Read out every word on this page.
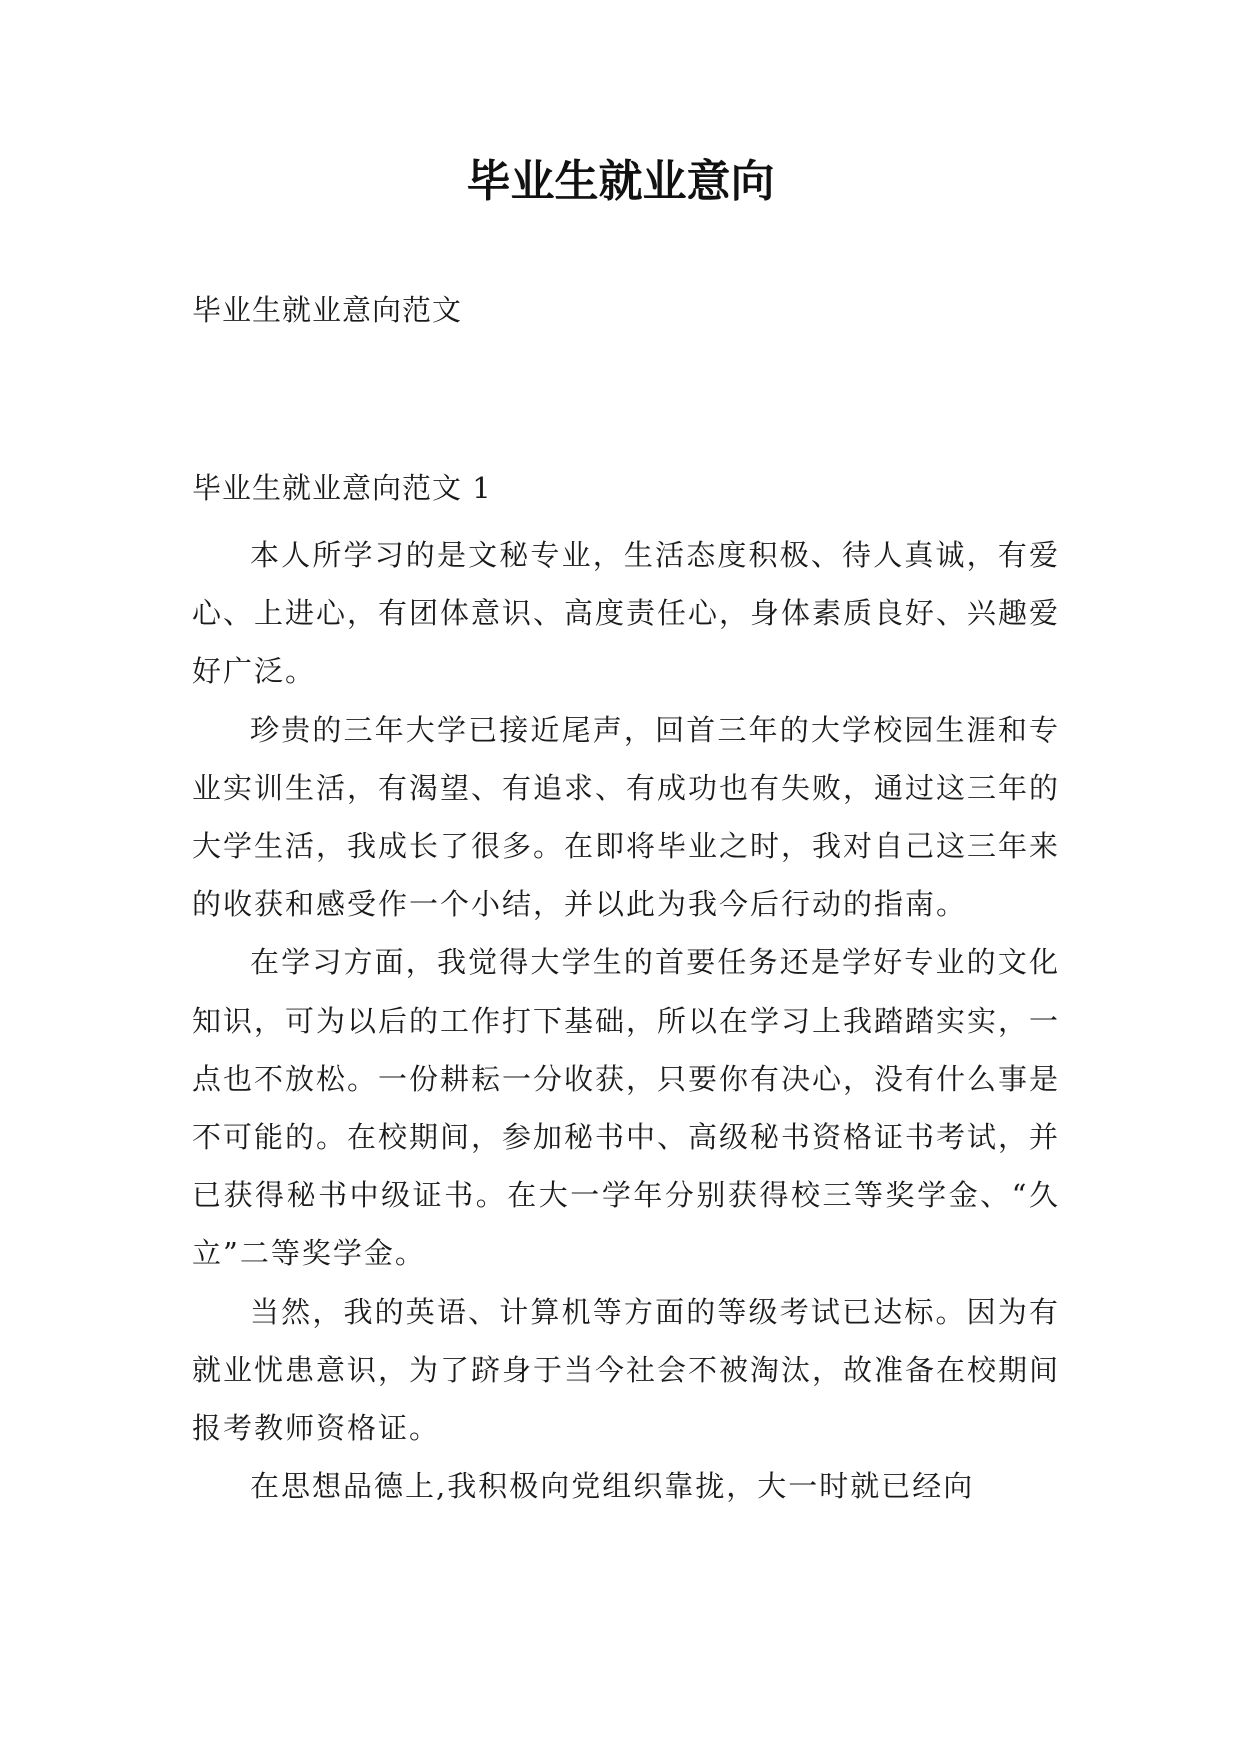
毕业生就业意向
毕业生就业意向范文
毕业生就业意向范文 1

本人所学习的是文秘专业，生活态度积极、待人真诚，有爱心、上进心，有团体意识、高度责任心，身体素质良好、兴趣爱好广泛。

珍贵的三年大学已接近尾声，回首三年的大学校园生涯和专业实训生活，有渴望、有追求、有成功也有失败，通过这三年的大学生活，我成长了很多。在即将毕业之时，我对自己这三年来的收获和感受作一个小结，并以此为我今后行动的指南。

在学习方面，我觉得大学生的首要任务还是学好专业的文化知识，可为以后的工作打下基础，所以在学习上我踏踏实实，一点也不放松。一份耕耘一分收获，只要你有决心，没有什么事是不可能的。在校期间，参加秘书中、高级秘书资格证书考试，并已获得秘书中级证书。在大一学年分别获得校三等奖学金、“久立”二等奖学金。

当然，我的英语、计算机等方面的等级考试已达标。因为有就业忧患意识，为了跻身于当今社会不被淘汰，故准备在校期间报考教师资格证。

在思想品德上,我积极向党组织靠拢，大一时就已经向
